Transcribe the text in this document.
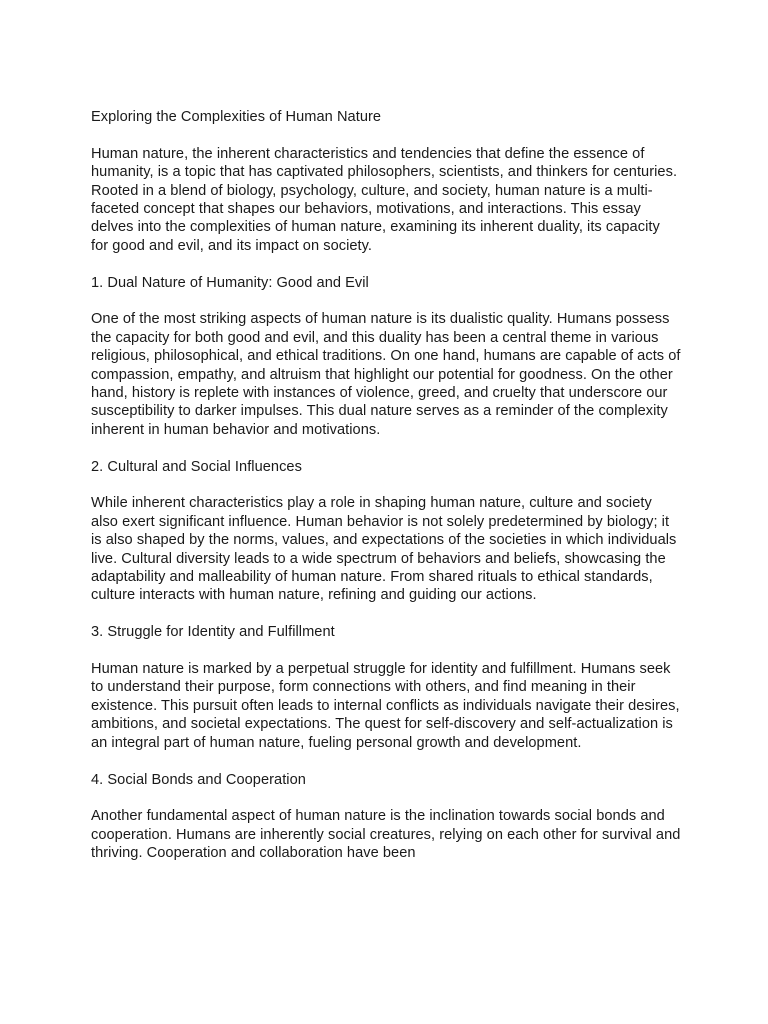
Exploring the Complexities of Human Nature

Human nature, the inherent characteristics and tendencies that define the essence of humanity, is a topic that has captivated philosophers, scientists, and thinkers for centuries. Rooted in a blend of biology, psychology, culture, and society, human nature is a multi-faceted concept that shapes our behaviors, motivations, and interactions. This essay delves into the complexities of human nature, examining its inherent duality, its capacity for good and evil, and its impact on society.

1. Dual Nature of Humanity: Good and Evil

One of the most striking aspects of human nature is its dualistic quality. Humans possess the capacity for both good and evil, and this duality has been a central theme in various religious, philosophical, and ethical traditions. On one hand, humans are capable of acts of compassion, empathy, and altruism that highlight our potential for goodness. On the other hand, history is replete with instances of violence, greed, and cruelty that underscore our susceptibility to darker impulses. This dual nature serves as a reminder of the complexity inherent in human behavior and motivations.

2. Cultural and Social Influences

While inherent characteristics play a role in shaping human nature, culture and society also exert significant influence. Human behavior is not solely predetermined by biology; it is also shaped by the norms, values, and expectations of the societies in which individuals live. Cultural diversity leads to a wide spectrum of behaviors and beliefs, showcasing the adaptability and malleability of human nature. From shared rituals to ethical standards, culture interacts with human nature, refining and guiding our actions.

3. Struggle for Identity and Fulfillment

Human nature is marked by a perpetual struggle for identity and fulfillment. Humans seek to understand their purpose, form connections with others, and find meaning in their existence. This pursuit often leads to internal conflicts as individuals navigate their desires, ambitions, and societal expectations. The quest for self-discovery and self-actualization is an integral part of human nature, fueling personal growth and development.

4. Social Bonds and Cooperation

Another fundamental aspect of human nature is the inclination towards social bonds and cooperation. Humans are inherently social creatures, relying on each other for survival and thriving. Cooperation and collaboration have been
